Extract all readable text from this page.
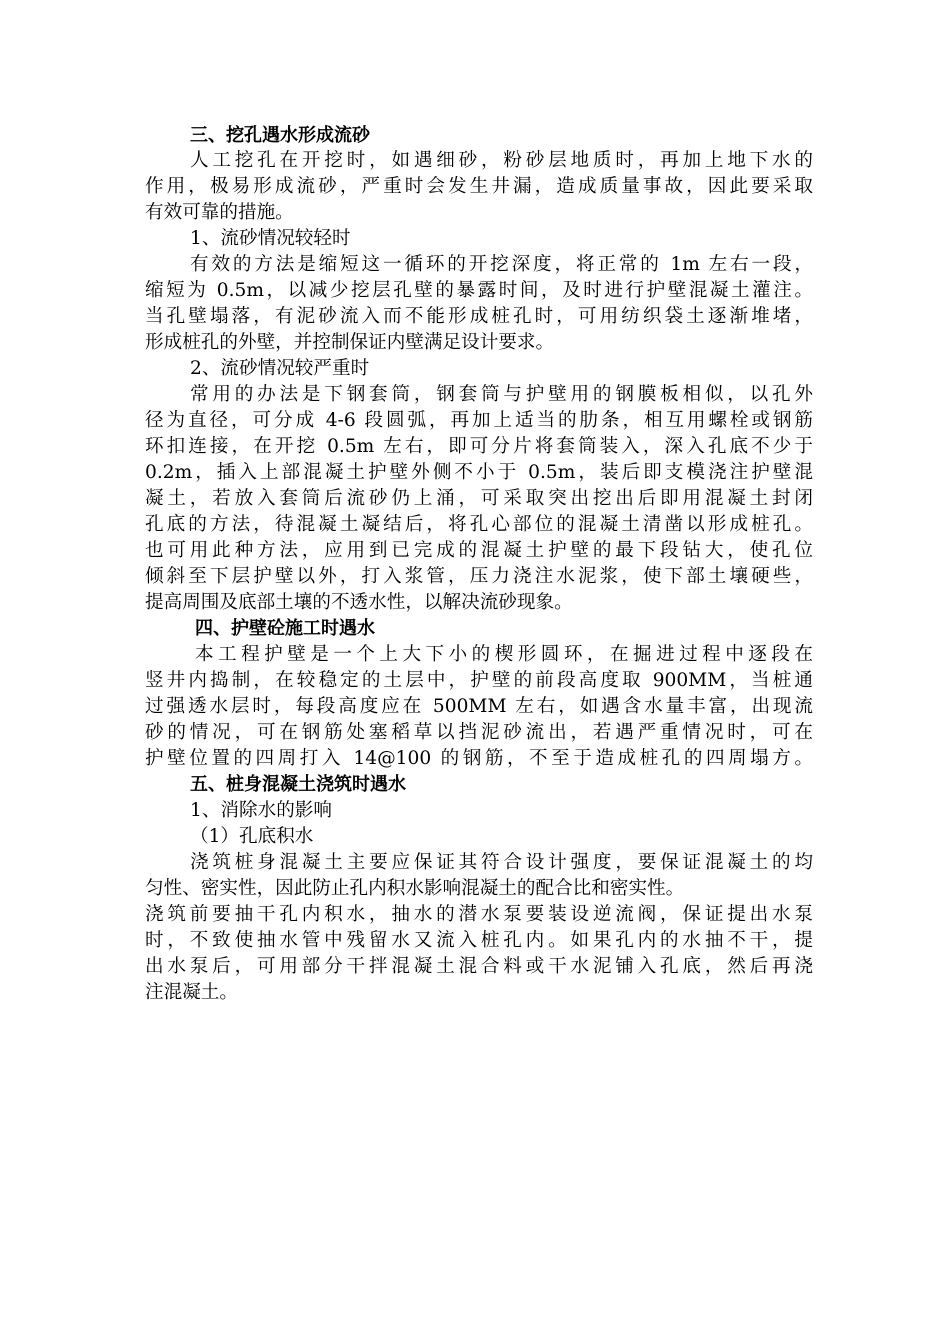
三、挖孔遇水形成流砂
人工挖孔在开挖时，如遇细砂，粉砂层地质时，再加上地下水的
作用，极易形成流砂，严重时会发生井漏，造成质量事故，因此要采取
有效可靠的措施。
1、流砂情况较轻时
有效的方法是缩短这一循环的开挖深度，将正常的 1m 左右一段，
缩短为 0.5m，以减少挖层孔壁的暴露时间，及时进行护壁混凝土灌注。
当孔壁塌落，有泥砂流入而不能形成桩孔时，可用纺织袋土逐渐堆堵，
形成桩孔的外壁，并控制保证内壁满足设计要求。
2、流砂情况较严重时
常用的办法是下钢套筒，钢套筒与护壁用的钢膜板相似，以孔外
径为直径，可分成 4-6 段圆弧，再加上适当的肋条，相互用螺栓或钢筋
环扣连接，在开挖 0.5m 左右，即可分片将套筒装入，深入孔底不少于
0.2m，插入上部混凝土护壁外侧不小于 0.5m，装后即支模浇注护壁混
凝土，若放入套筒后流砂仍上涌，可采取突出挖出后即用混凝土封闭
孔底的方法，待混凝土凝结后，将孔心部位的混凝土清凿以形成桩孔。
也可用此种方法，应用到已完成的混凝土护壁的最下段钻大，使孔位
倾斜至下层护壁以外，打入浆管，压力浇注水泥浆，使下部土壤硬些，
提高周围及底部土壤的不透水性，以解决流砂现象。
四、护壁砼施工时遇水
本工程护壁是一个上大下小的楔形圆环，在掘进过程中逐段在
竖井内捣制，在较稳定的土层中，护壁的前段高度取 900MM，当桩通
过强透水层时，每段高度应在 500MM 左右，如遇含水量丰富，出现流
砂的情况，可在钢筋处塞稻草以挡泥砂流出，若遇严重情况时，可在
护壁位置的四周打入 14@100 的钢筋，不至于造成桩孔的四周塌方。
五、桩身混凝土浇筑时遇水
1、消除水的影响
（1）孔底积水
浇筑桩身混凝土主要应保证其符合设计强度，要保证混凝土的均
匀性、密实性，因此防止孔内积水影响混凝土的配合比和密实性。
浇筑前要抽干孔内积水，抽水的潜水泵要装设逆流阀，保证提出水泵
时，不致使抽水管中残留水又流入桩孔内。如果孔内的水抽不干，提
出水泵后，可用部分干拌混凝土混合料或干水泥铺入孔底，然后再浇
注混凝土。
